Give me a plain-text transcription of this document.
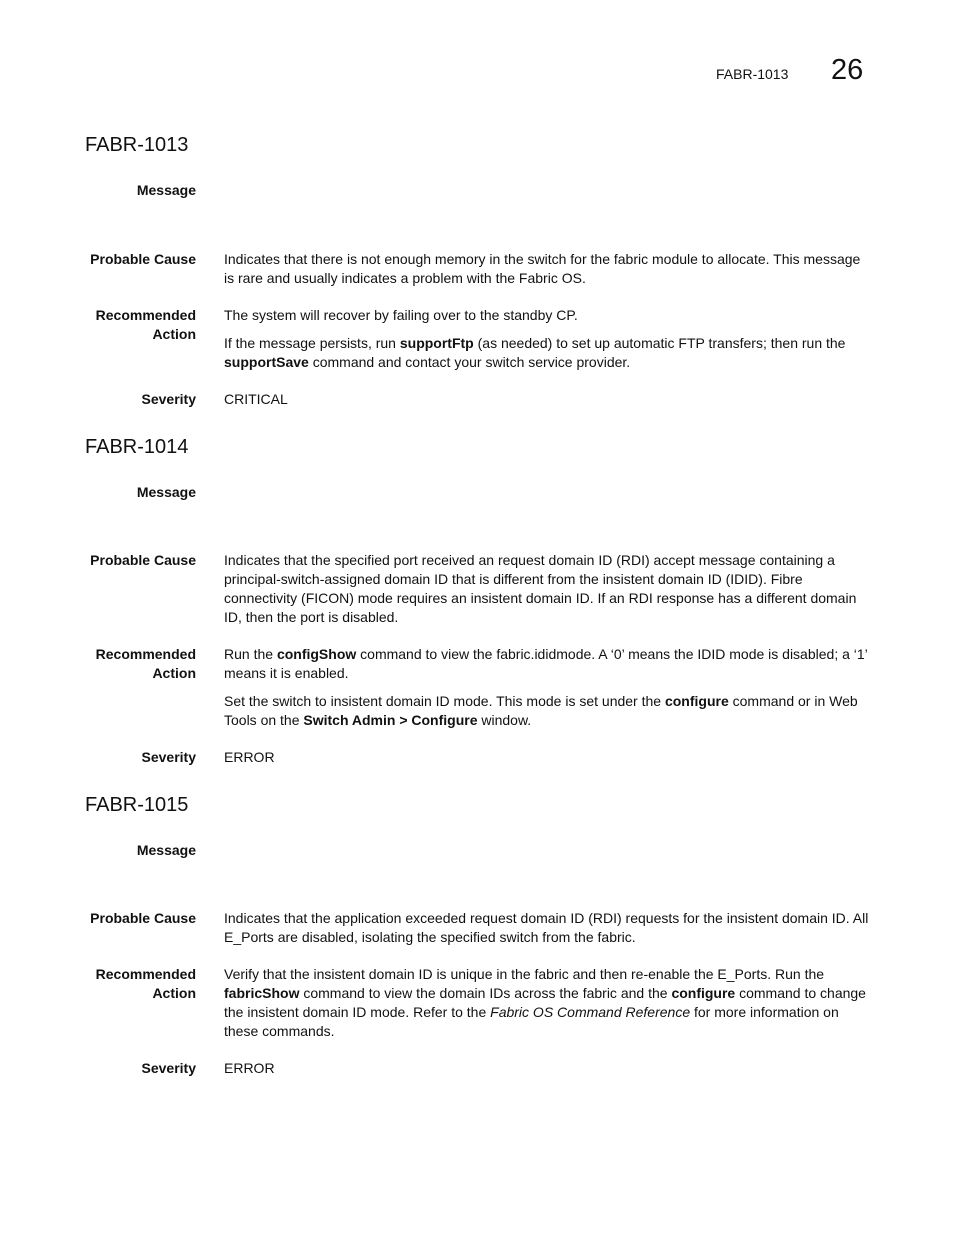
FABR-1013 26
FABR-1013
Message
Probable Cause Indicates that there is not enough memory in the switch for the fabric module to allocate. This message is rare and usually indicates a problem with the Fabric OS.

Recommended
Action

The system will recover by failing over to the standby CP.

If the message persists, run supportFtp (as needed) to set up automatic FTP transfers; then run the supportSave command and contact your switch service provider.

Severity CRITICAL
FABR-1014
Message
Probable Cause Indicates that the specified port received an request domain ID (RDI) accept message containing a principal-switch-assigned domain ID that is different from the insistent domain ID (IDID). Fibre connectivity (FICON) mode requires an insistent domain ID. If an RDI response has a different domain ID, then the port is disabled.

Recommended
Action

Run the configShow command to view the fabric.ididmode. A ‘0’ means the IDID mode is disabled; a ‘1’ means it is enabled.

Set the switch to insistent domain ID mode. This mode is set under the configure command or in Web Tools on the Switch Admin > Configure window.

Severity ERROR
FABR-1015
Message
Probable Cause Indicates that the application exceeded request domain ID (RDI) requests for the insistent domain ID. All E_Ports are disabled, isolating the specified switch from the fabric.

Recommended
Action

Verify that the insistent domain ID is unique in the fabric and then re-enable the E_Ports. Run the fabricShow command to view the domain IDs across the fabric and the configure command to change the insistent domain ID mode. Refer to the Fabric OS Command Reference for more information on these commands.

Severity ERROR
